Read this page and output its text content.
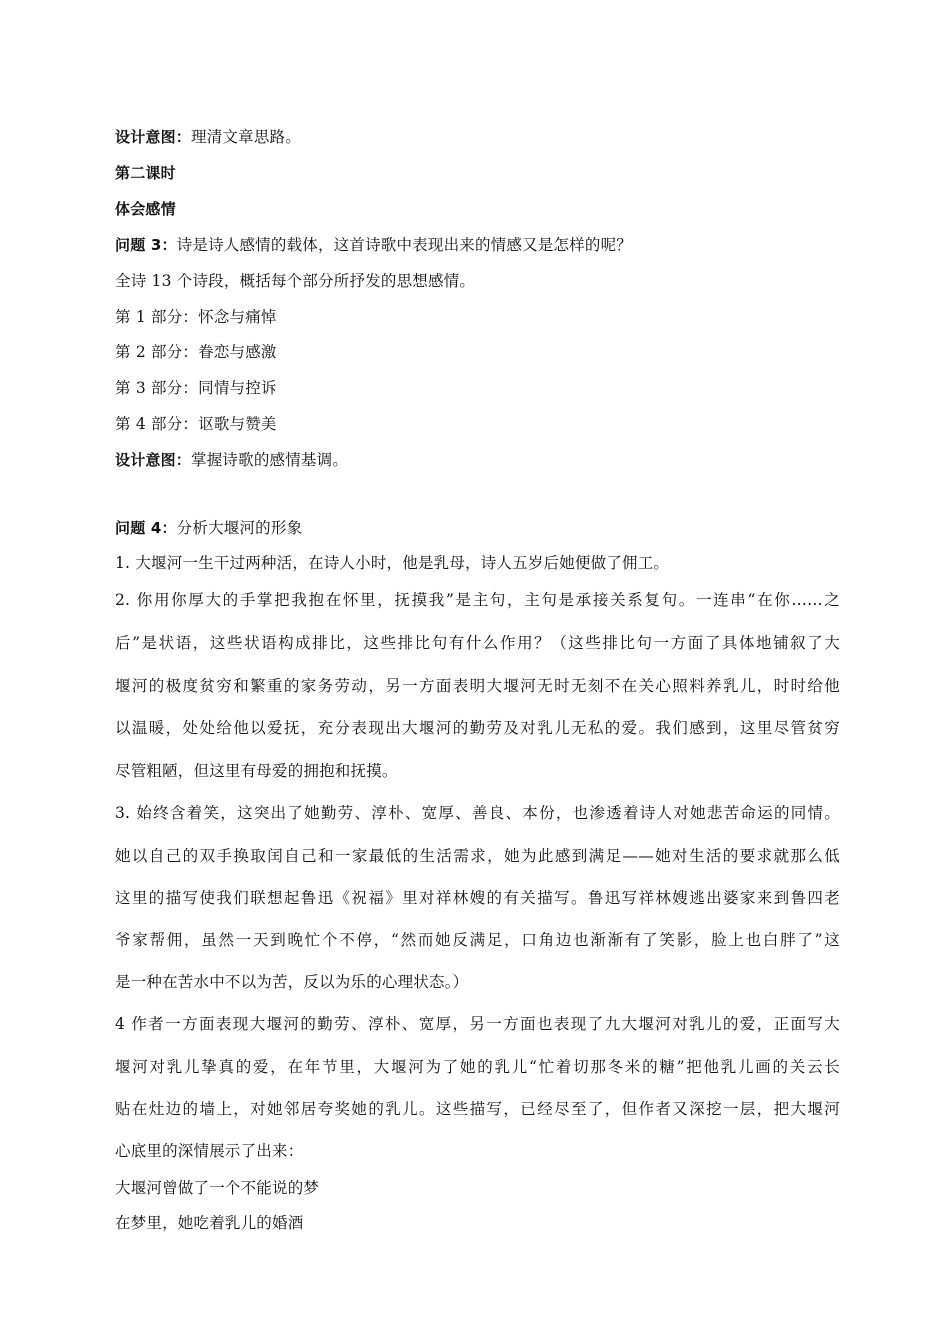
设计意图：理清文章思路。
第二课时
体会感情
问题 3：诗是诗人感情的载体，这首诗歌中表现出来的情感又是怎样的呢？
全诗 13 个诗段，概括每个部分所抒发的思想感情。
第 1 部分：怀念与痛悼
第 2 部分：眷恋与感激
第 3 部分：同情与控诉
第 4 部分：讴歌与赞美
设计意图：掌握诗歌的感情基调。
问题 4：分析大堰河的形象
1. 大堰河一生干过两种活，在诗人小时，他是乳母，诗人五岁后她便做了佣工。
2. 你用你厚大的手掌把我抱在怀里，抚摸我”是主句，主句是承接关系复句。一连串“在你……之
后”是状语，这些状语构成排比，这些排比句有什么作用？（这些排比句一方面了具体地铺叙了大
堰河的极度贫穷和繁重的家务劳动，另一方面表明大堰河无时无刻不在关心照料养乳儿，时时给他
以温暖，处处给他以爱抚，充分表现出大堰河的勤劳及对乳儿无私的爱。我们感到，这里尽管贫穷
尽管粗陋，但这里有母爱的拥抱和抚摸。
3. 始终含着笑，这突出了她勤劳、淳朴、宽厚、善良、本份，也渗透着诗人对她悲苦命运的同情。
她以自己的双手换取闰自己和一家最低的生活需求，她为此感到满足——她对生活的要求就那么低
这里的描写使我们联想起鲁迅《祝福》里对祥林嫂的有关描写。鲁迅写祥林嫂逃出婆家来到鲁四老
爷家帮佣，虽然一天到晚忙个不停，“然而她反满足，口角边也渐渐有了笑影，脸上也白胖了”这
是一种在苦水中不以为苦，反以为乐的心理状态。）
4 作者一方面表现大堰河的勤劳、淳朴、宽厚，另一方面也表现了九大堰河对乳儿的爱，正面写大
堰河对乳儿挚真的爱，在年节里，大堰河为了她的乳儿“忙着切那冬米的糖”把他乳儿画的关云长
贴在灶边的墙上，对她邻居夸奖她的乳儿。这些描写，已经尽至了，但作者又深挖一层，把大堰河
心底里的深情展示了出来：
大堰河曾做了一个不能说的梦
在梦里，她吃着乳儿的婚酒
